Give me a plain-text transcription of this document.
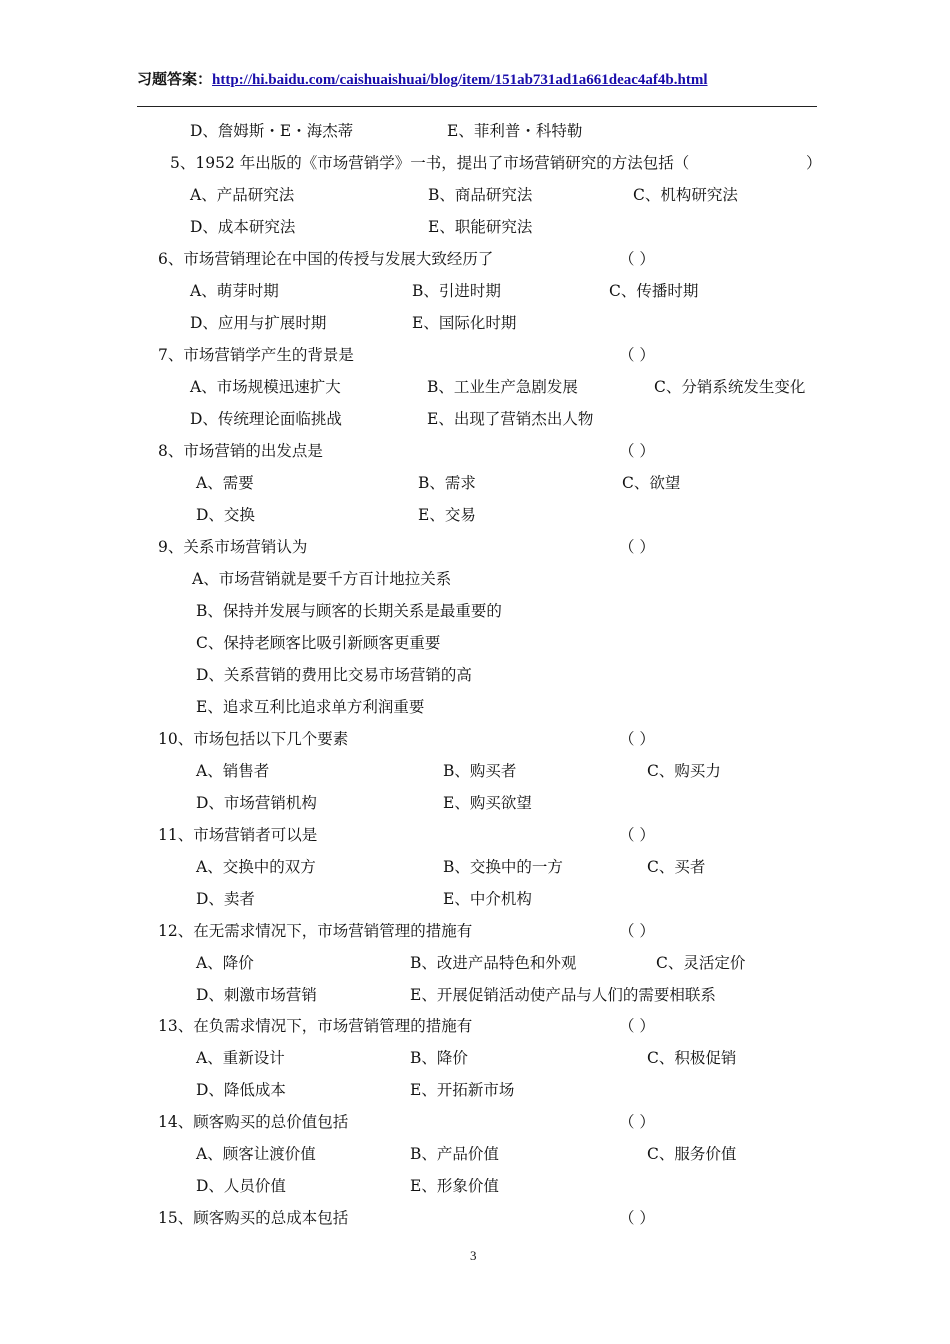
习题答案：http://hi.baidu.com/caishuaishuai/blog/item/151ab731ad1a661deac4af4b.html
D、詹姆斯・E・海杰蒂	E、菲利普・科特勒
5、1952 年出版的《市场营销学》一书，提出了市场营销研究的方法包括（	）
A、产品研究法	B、商品研究法	C、机构研究法
D、成本研究法	E、职能研究法
6、市场营销理论在中国的传授与发展大致经历了	（ ）
A、萌芽时期	B、引进时期	C、传播时期
D、应用与扩展时期	E、国际化时期
7、市场营销学产生的背景是	（ ）
A、市场规模迅速扩大	B、工业生产急剧发展	C、分销系统发生变化
D、传统理论面临挑战	E、出现了营销杰出人物
8、市场营销的出发点是	（ ）
A、需要	B、需求	C、欲望
D、交换	E、交易
9、关系市场营销认为	（ ）
A、市场营销就是要千方百计地拉关系
B、保持并发展与顾客的长期关系是最重要的
C、保持老顾客比吸引新顾客更重要
D、关系营销的费用比交易市场营销的高
E、追求互利比追求单方利润重要
10、市场包括以下几个要素	（ ）
A、销售者	B、购买者	C、购买力
D、市场营销机构	E、购买欲望
11、市场营销者可以是	（ ）
A、交换中的双方	B、交换中的一方	C、买者
D、卖者	E、中介机构
12、在无需求情况下，市场营销管理的措施有	（ ）
A、降价	B、改进产品特色和外观	C、灵活定价
D、刺激市场营销	E、开展促销活动使产品与人们的需要相联系
13、在负需求情况下，市场营销管理的措施有	（ ）
A、重新设计	B、降价	C、积极促销
D、降低成本	E、开拓新市场
14、顾客购买的总价值包括	（ ）
A、顾客让渡价值	B、产品价值	C、服务价值
D、人员价值	E、形象价值
15、顾客购买的总成本包括	（ ）
3
